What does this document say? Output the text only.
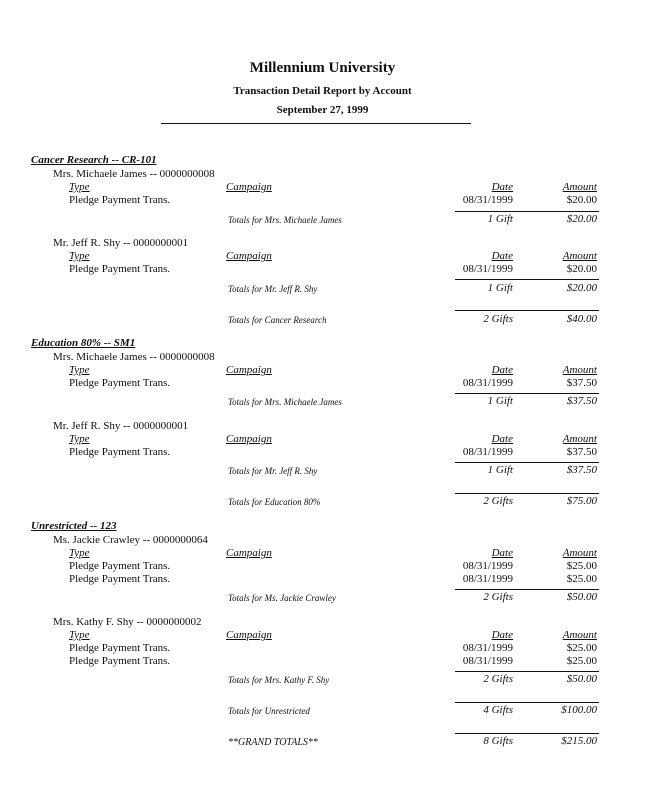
Millennium University
Transaction Detail Report by Account
September 27, 1999
Cancer Research -- CR-101
Mrs. Michaele James -- 0000000008
Type	Campaign	Date	Amount
Pledge Payment Trans.	08/31/1999	$20.00
Totals for Mrs. Michaele James	1 Gift	$20.00
Mr. Jeff R. Shy -- 0000000001
Type	Campaign	Date	Amount
Pledge Payment Trans.	08/31/1999	$20.00
Totals for Mr. Jeff R. Shy	1 Gift	$20.00
Totals for Cancer Research	2 Gifts	$40.00
Education 80% -- SM1
Mrs. Michaele James -- 0000000008
Type	Campaign	Date	Amount
Pledge Payment Trans.	08/31/1999	$37.50
Totals for Mrs. Michaele James	1 Gift	$37.50
Mr. Jeff R. Shy -- 0000000001
Type	Campaign	Date	Amount
Pledge Payment Trans.	08/31/1999	$37.50
Totals for Mr. Jeff R. Shy	1 Gift	$37.50
Totals for Education 80%	2 Gifts	$75.00
Unrestricted -- 123
Ms. Jackie Crawley -- 0000000064
Type	Campaign	Date	Amount
Pledge Payment Trans.	08/31/1999	$25.00
Pledge Payment Trans.	08/31/1999	$25.00
Totals for Ms. Jackie Crawley	2 Gifts	$50.00
Mrs. Kathy F. Shy -- 0000000002
Type	Campaign	Date	Amount
Pledge Payment Trans.	08/31/1999	$25.00
Pledge Payment Trans.	08/31/1999	$25.00
Totals for Mrs. Kathy F. Shy	2 Gifts	$50.00
Totals for Unrestricted	4 Gifts	$100.00
**GRAND TOTALS**	8 Gifts	$215.00
